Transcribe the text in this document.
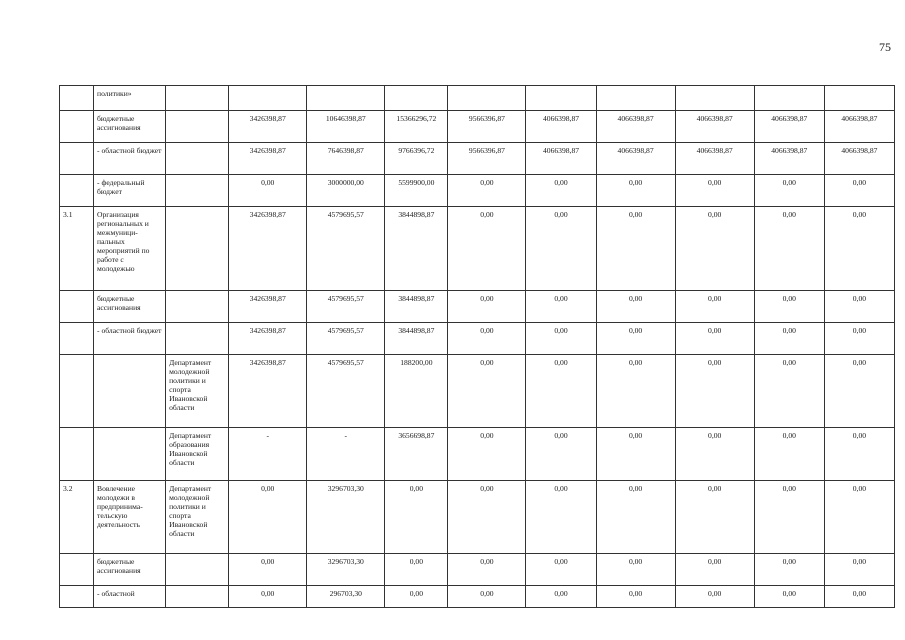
75
	политики»										
	бюджетные ассигнования		3426398,87	10646398,87	15366296,72	9566396,87	4066398,87	4066398,87	4066398,87	4066398,87	4066398,87
	- областной бюджет		3426398,87	7646398,87	9766396,72	9566396,87	4066398,87	4066398,87	4066398,87	4066398,87	4066398,87
	- федеральный бюджет		0,00	3000000,00	5599900,00	0,00	0,00	0,00	0,00	0,00	0,00
3.1	Организация региональных и межмуници-пальных мероприятий по работе с молодежью		3426398,87	4579695,57	3844898,87	0,00	0,00	0,00	0,00	0,00	0,00
	бюджетные ассигнования		3426398,87	4579695,57	3844898,87	0,00	0,00	0,00	0,00	0,00	0,00
	- областной бюджет		3426398,87	4579695,57	3844898,87	0,00	0,00	0,00	0,00	0,00	0,00
		Департамент молодежной политики и спорта Ивановской области	3426398,87	4579695,57	188200,00	0,00	0,00	0,00	0,00	0,00	0,00
		Департамент образования Ивановской области	-	-	3656698,87	0,00	0,00	0,00	0,00	0,00	0,00
3.2	Вовлечение молодежи в предпринима-тельскую деятельность	Департамент молодежной политики и спорта Ивановской области	0,00	3296703,30	0,00	0,00	0,00	0,00	0,00	0,00	0,00
	бюджетные ассигнования		0,00	3296703,30	0,00	0,00	0,00	0,00	0,00	0,00	0,00
	- областной		0,00	296703,30	0,00	0,00	0,00	0,00	0,00	0,00	0,00
